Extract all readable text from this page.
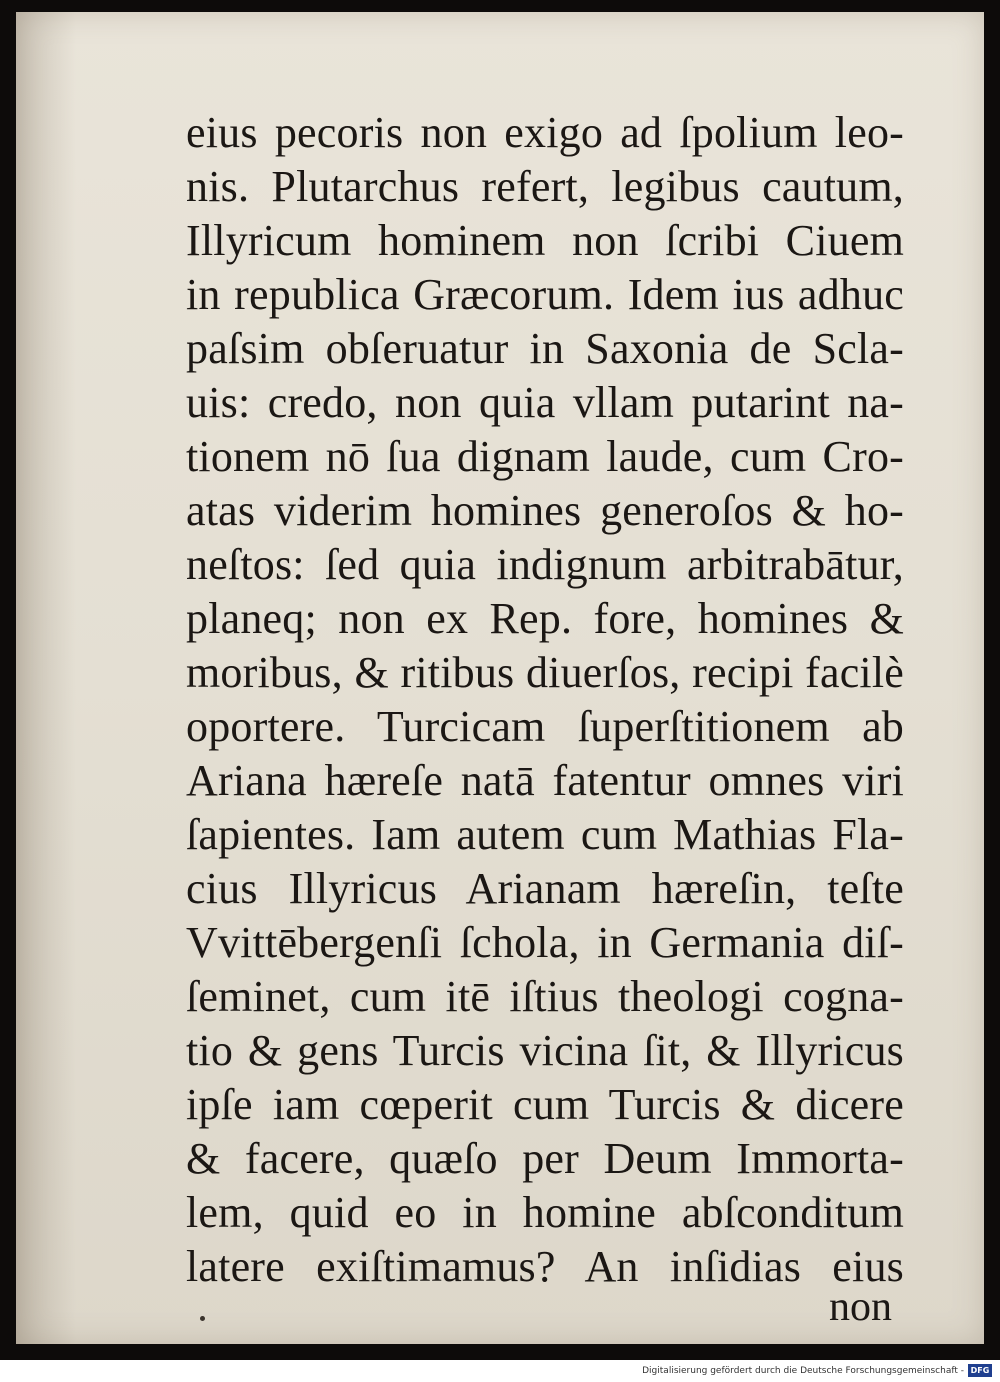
eius pecoris non exigo ad ſpolium leo-
nis. Plutarchus refert, legibus cautum,
Illyricum hominem non ſcribi Ciuem
in republica Græcorum. Idem ius adhuc
paſsim obſeruatur in Saxonia de Scla-
uis: credo, non quia vllam putarint na-
tionem nō ſua dignam laude, cum Cro-
atas viderim homines generoſos & ho-
neſtos: ſed quia indignum arbitrabātur,
planeq; non ex Rep. fore, homines &
moribus, & ritibus diuerſos, recipi facilè
oportere. Turcicam ſuperſtitionem ab
Ariana hæreſe natā fatentur omnes viri
ſapientes. Iam autem cum Mathias Fla-
cius Illyricus Arianam hæreſin, teſte
Vvittēbergenſi ſchola, in Germania diſ-
ſeminet, cum itē iſtius theologi cogna-
tio & gens Turcis vicina ſit, & Illyricus
ipſe iam cœperit cum Turcis & dicere
& facere, quæſo per Deum Immorta-
lem, quid eo in homine abſconditum
latere exiſtimamus? An inſidias eius
non
Digitalisierung gefördert durch die Deutsche Forschungsgemeinschaft - DFG
